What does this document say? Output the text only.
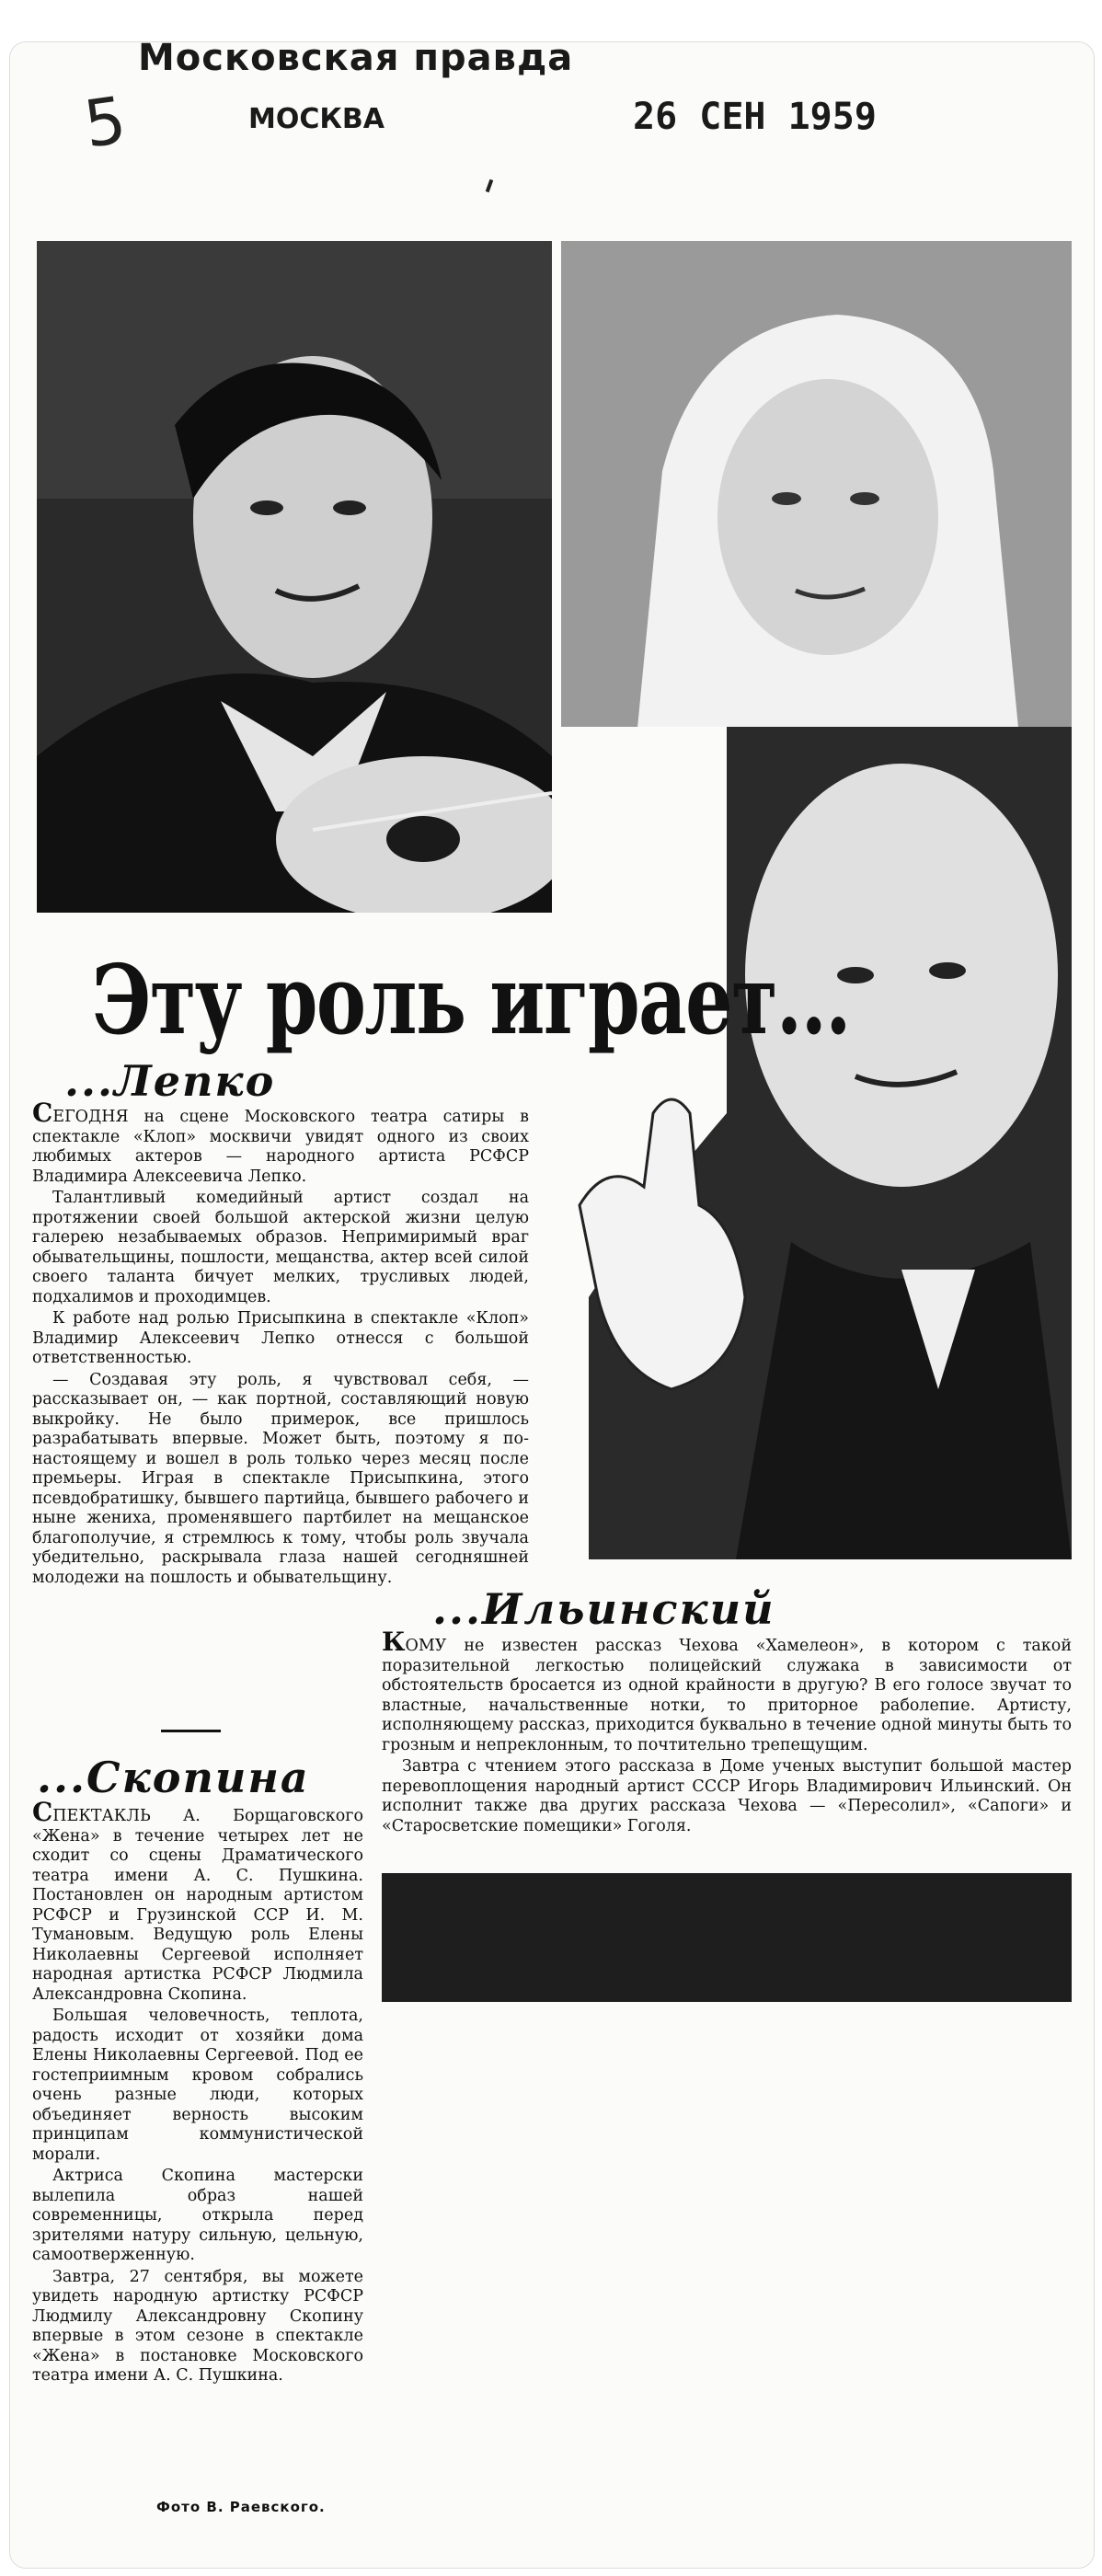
5
Московская правда
МОСКВА	26 СЕН 1959
Эту роль играет...
...Лепко

СЕГОДНЯ на сцене Московского театра сатиры в спектакле «Клоп» москвичи увидят одного из своих любимых актеров — народного артиста РСФСР Владимира Алексеевича Лепко.

Талантливый комедийный артист создал на протяжении своей большой актерской жизни целую галерею незабываемых образов. Непримиримый враг обывательщины, пошлости, мещанства, актер всей силой своего таланта бичует мелких, трусливых людей, подхалимов и проходимцев.

К работе над ролью Присыпкина в спектакле «Клоп» Владимир Алексеевич Лепко отнесся с большой ответственностью.

— Создавая эту роль, я чувствовал себя, — рассказывает он, — как портной, составляющий новую выкройку. Не было примерок, все пришлось разрабатывать впервые. Может быть, поэтому я по-настоящему и вошел в роль только через месяц после премьеры. Играя в спектакле Присыпкина, этого псевдобратишку, бывшего партийца, бывшего рабочего и ныне жениха, променявшего партбилет на мещанское благополучие, я стремлюсь к тому, чтобы роль звучала убедительно, раскрывала глаза нашей сегодняшней молодежи на пошлость и обывательщину.

...Скопина

СПЕКТАКЛЬ А. Борщаговского «Жена» в течение четырех лет не сходит со сцены Драматического театра имени А. С. Пушкина. Постановлен он народным артистом РСФСР и Грузинской ССР И. М. Тумановым. Ведущую роль Елены Николаевны Сергеевой исполняет народная артистка РСФСР Людмила Александровна Скопина.

Большая человечность, теплота, радость исходит от хозяйки дома Елены Николаевны Сергеевой. Под ее гостеприимным кровом собрались очень разные люди, которых объединяет верность высоким принципам коммунистической морали.

Актриса Скопина мастерски вылепила образ нашей современницы, открыла перед зрителями натуру сильную, цельную, самоотверженную.

Завтра, 27 сентября, вы можете увидеть народную артистку РСФСР Людмилу Александровну Скопину впервые в этом сезоне в спектакле «Жена» в постановке Московского театра имени А. С. Пушкина.

...Ильинский

КОМУ не известен рассказ Чехова «Хамелеон», в котором с такой поразительной легкостью полицейский служака в зависимости от обстоятельств бросается из одной крайности в другую? В его голосе звучат то властные, начальственные нотки, то приторное раболепие. Артисту, исполняющему рассказ, приходится буквально в течение одной минуты быть то грозным и непреклонным, то почтительно трепещущим.

Завтра с чтением этого рассказа в Доме ученых выступит большой мастер перевоплощения народный артист СССР Игорь Владимирович Ильинский. Он исполнит также два других рассказа Чехова — «Пересолил», «Сапоги» и «Старосветские помещики» Гоголя.

Фото В. Раевского.
